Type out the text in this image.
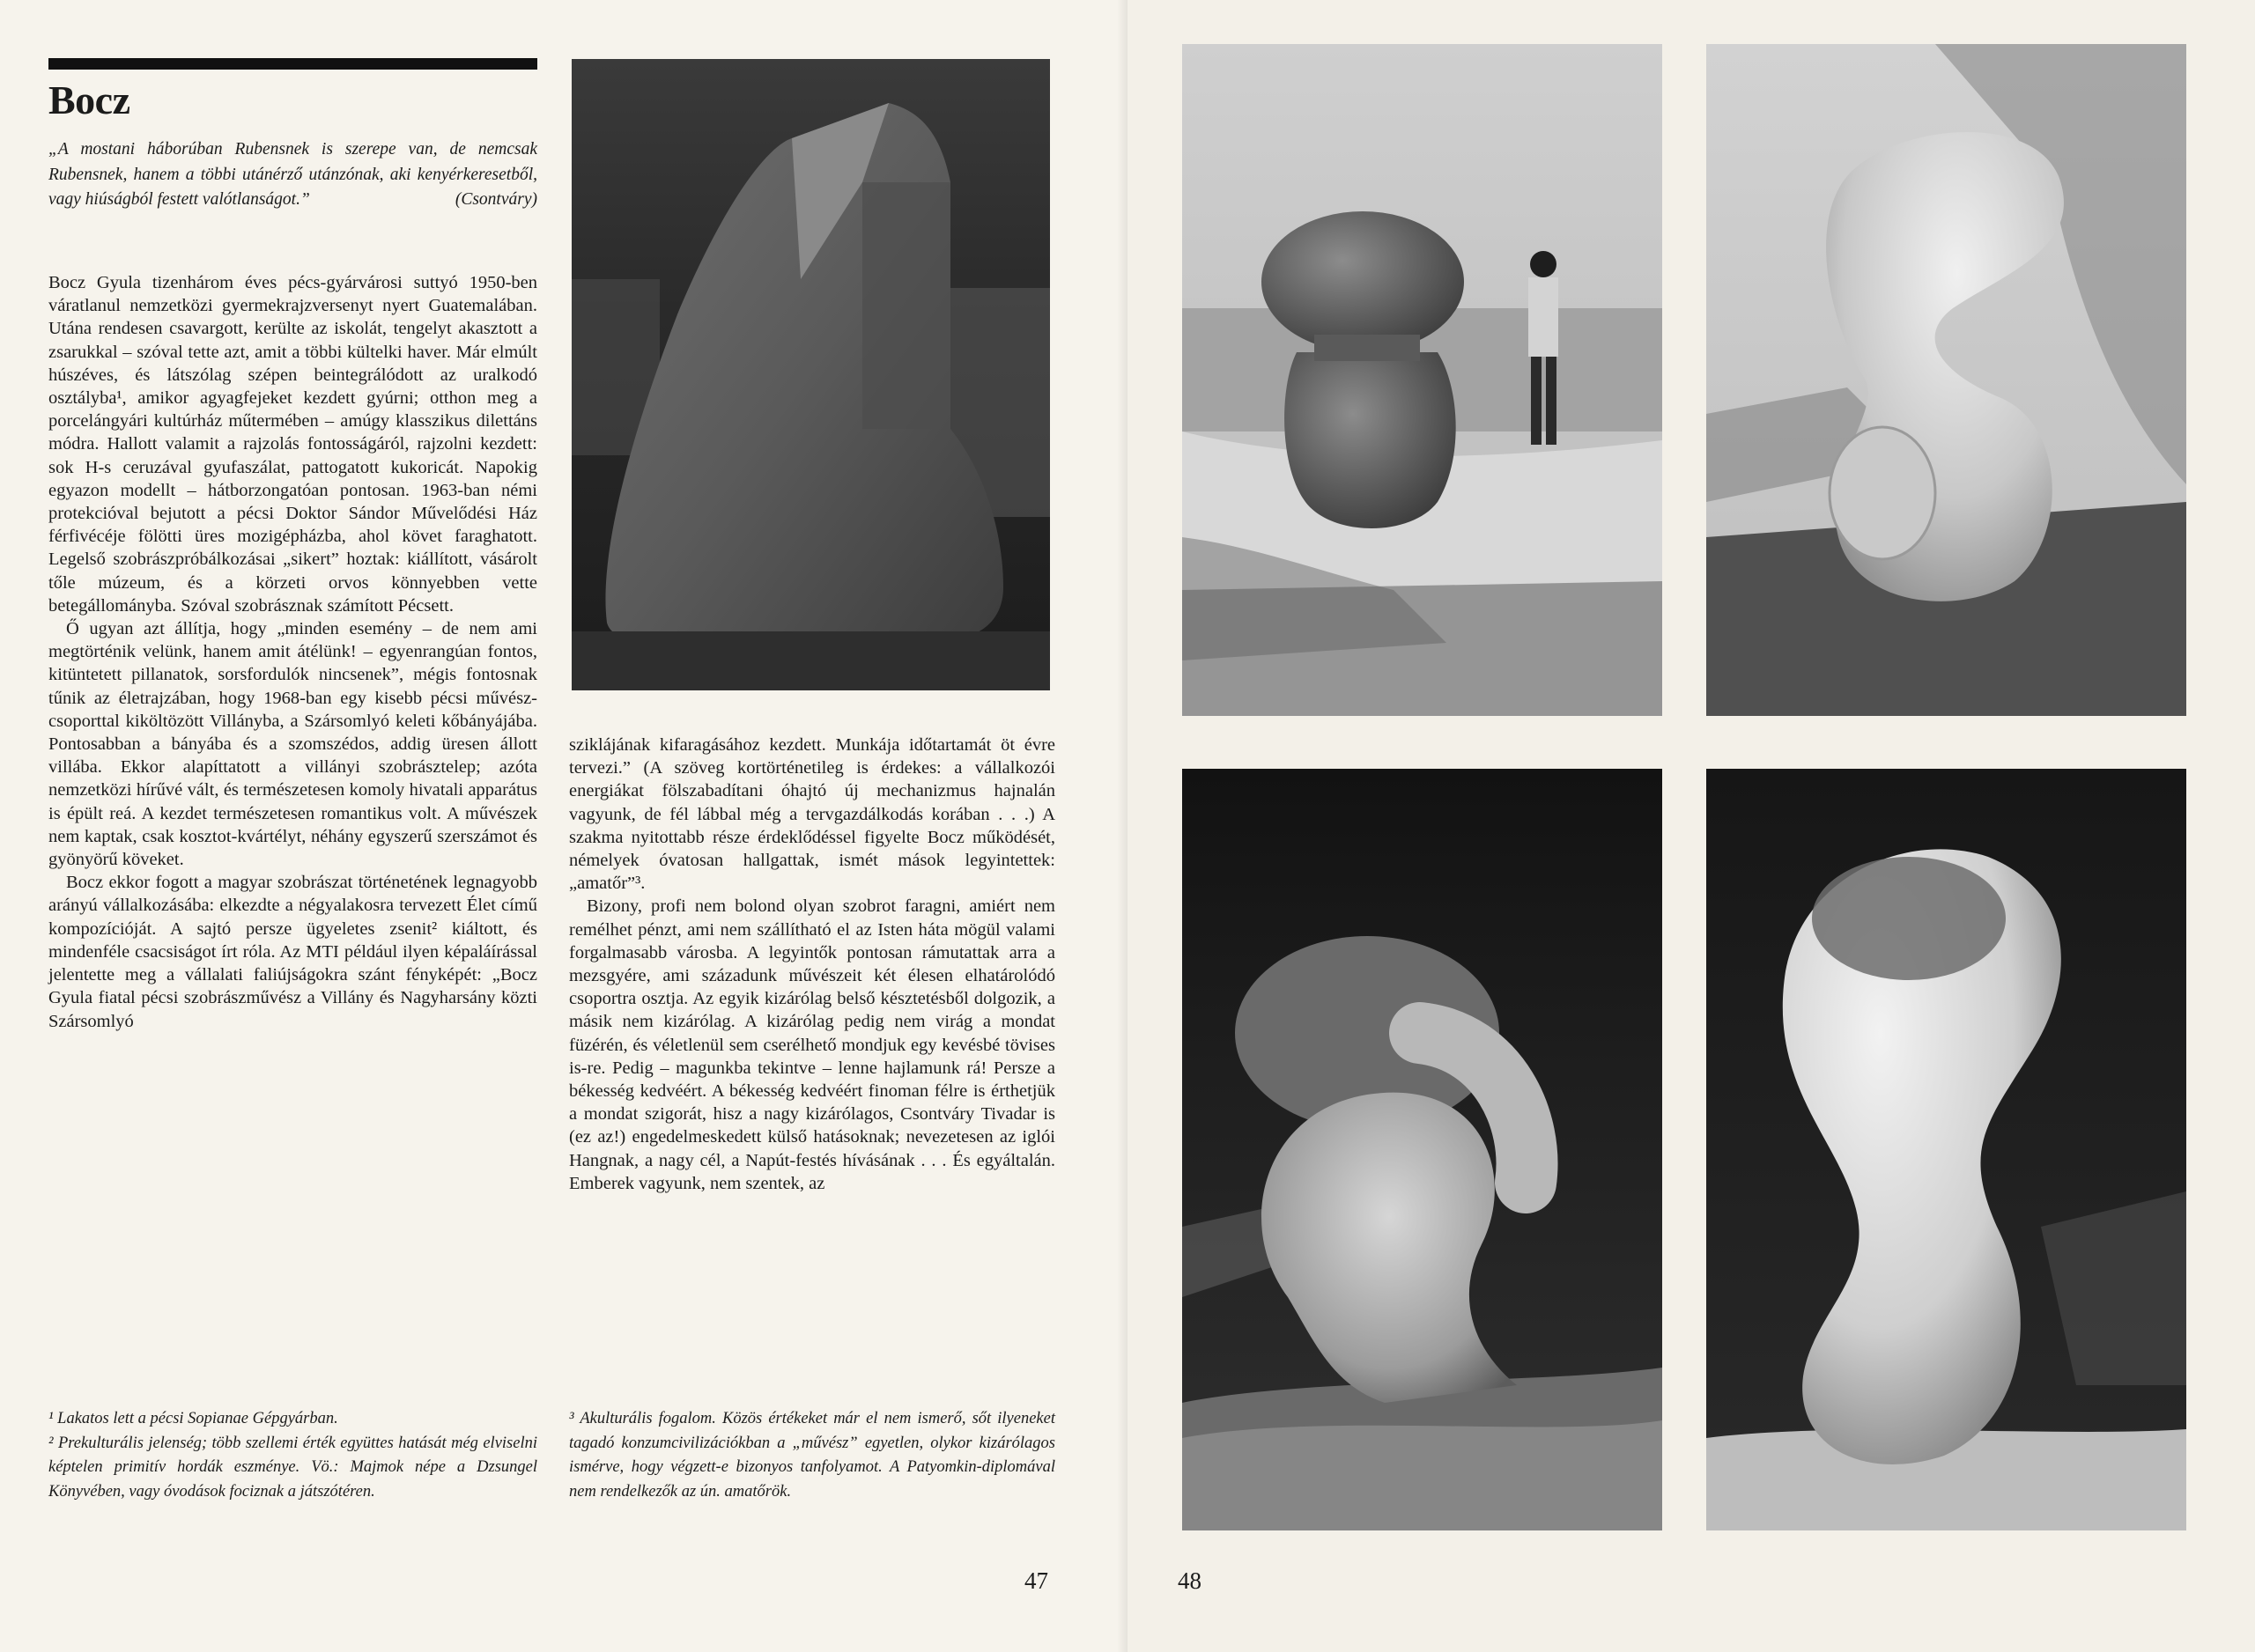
Bocz
„A mostani háborúban Rubensnek is szerepe van, de nemcsak Rubensnek, hanem a többi utánérző utánzónak, aki kenyérkeresetből, vagy hiúságból festett valótlanságot.”	(Csontváry)

Bocz Gyula tizenhárom éves pécs-gyárvárosi suttyó 1950-ben váratlanul nemzetközi gyermekrajzversenyt nyert Guatemalában. Utána rendesen csavargott, kerülte az iskolát, tengelyt akasztott a zsarukkal – szóval tette azt, amit a többi kültelki haver. Már elmúlt húszéves, és látszólag szépen beintegrálódott az uralkodó osztályba¹, amikor agyagfejeket kezdett gyúrni; otthon meg a porcelángyári kultúrház műtermében – amúgy klasszikus dilettáns módra. Hallott valamit a rajzolás fontosságáról, rajzolni kezdett: sok H-s ceruzával gyufaszálat, pattogatott kukoricát. Napokig egyazon modellt – hátborzongatóan pontosan. 1963-ban némi protekcióval bejutott a pécsi Doktor Sándor Művelődési Ház férfivécéje fölötti üres mozigépházba, ahol követ faraghatott. Legelső szobrászpróbálkozásai „sikert” hoztak: kiállított, vásárolt tőle múzeum, és a körzeti orvos könnyebben vette betegállományba. Szóval szobrásznak számított Pécsett.

Ő ugyan azt állítja, hogy „minden esemény – de nem ami megtörténik velünk, hanem amit átélünk! – egyenrangúan fontos, kitüntetett pillanatok, sorsfordulók nincsenek”, mégis fontosnak tűnik az életrajzában, hogy 1968-ban egy kisebb pécsi művészcsoporttal kiköltözött Villányba, a Szársomlyó keleti kőbányájába. Pontosabban a bányába és a szomszédos, addig üresen állott villába. Ekkor alapíttatott a villányi szobrásztelep; azóta nemzetközi hírűvé vált, és természetesen komoly hivatali apparátus is épült reá. A kezdet természetesen romantikus volt. A művészek nem kaptak, csak kosztot-kvártélyt, néhány egyszerű szerszámot és gyönyörű köveket.

Bocz ekkor fogott a magyar szobrászat történetének legnagyobb arányú vállalkozásába: elkezdte a négyalakosra tervezett Élet című kompozícióját. A sajtó persze ügyeletes zsenit² kiáltott, és mindenféle csacsiságot írt róla. Az MTI például ilyen képaláírással jelentette meg a vállalati faliújságokra szánt fényképét: „Bocz Gyula fiatal pécsi szobrászművész a Villány és Nagyharsány közti Szársomlyó

sziklájának kifaragásához kezdett. Munkája időtartamát öt évre tervezi.” (A szöveg kortörténetileg is érdekes: a vállalkozói energiákat fölszabadítani óhajtó új mechanizmus hajnalán vagyunk, de fél lábbal még a tervgazdálkodás korában . . .) A szakma nyitottabb része érdeklődéssel figyelte Bocz működését, némelyek óvatosan hallgattak, ismét mások legyintettek: „amatőr”³.

Bizony, profi nem bolond olyan szobrot faragni, amiért nem remélhet pénzt, ami nem szállítható el az Isten háta mögül valami forgalmasabb városba. A legyintők pontosan rámutattak arra a mezsgyére, ami századunk művészeit két élesen elhatárolódó csoportra osztja. Az egyik kizárólag belső késztetésből dolgozik, a másik nem kizárólag. A kizárólag pedig nem virág a mondat füzérén, és véletlenül sem cserélhető mondjuk egy kevésbé tövises is-re. Pedig – magunkba tekintve – lenne hajlamunk rá! Persze a békesség kedvéért. A békesség kedvéért finoman félre is érthetjük a mondat szigorát, hisz a nagy kizárólagos, Csontváry Tivadar is (ez az!) engedelmeskedett külső hatásoknak; nevezetesen az iglói Hangnak, a nagy cél, a Napút-festés hívásának . . . És egyáltalán. Emberek vagyunk, nem szentek, az

¹ Lakatos lett a pécsi Sopianae Gépgyárban.

² Prekulturális jelenség; több szellemi érték együttes hatását még elviselni képtelen primitív hordák eszménye. Vö.: Majmok népe a Dzsungel Könyvében, vagy óvodások fociznak a játszótéren.

³ Akulturális fogalom. Közös értékeket már el nem ismerő, sőt ilyeneket tagadó konzumcivilizációkban a „művész” egyetlen, olykor kizárólagos ismérve, hogy végzett-e bizonyos tanfolyamot. A Patyomkin-diplomával nem rendelkezők az ún. amatőrök.

47	48
